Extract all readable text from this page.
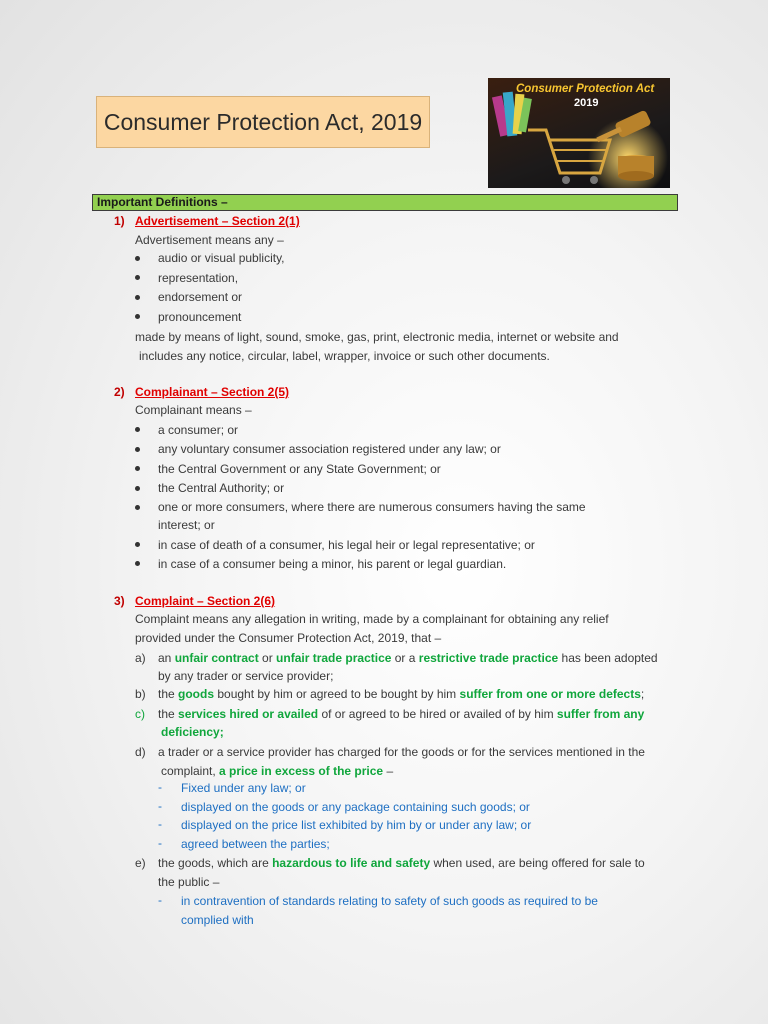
Consumer Protection Act, 2019
Consumer Protection Act
2019
Important Definitions –
1) Advertisement – Section 2(1)
Advertisement means any –
audio or visual publicity,
representation,
endorsement or
pronouncement
made by means of light, sound, smoke, gas, print, electronic media, internet or website and
includes any notice, circular, label, wrapper, invoice or such other documents.
2) Complainant – Section 2(5)
Complainant means –
a consumer; or
any voluntary consumer association registered under any law; or
the Central Government or any State Government; or
the Central Authority; or
one or more consumers, where there are numerous consumers having the same
interest; or
in case of death of a consumer, his legal heir or legal representative; or
in case of a consumer being a minor, his parent or legal guardian.
3) Complaint – Section 2(6)
Complaint means any allegation in writing, made by a complainant for obtaining any relief
provided under the Consumer Protection Act, 2019, that –
a) an unfair contract or unfair trade practice or a restrictive trade practice has been adopted
by any trader or service provider;
b) the goods bought by him or agreed to be bought by him suffer from one or more defects;
c) the services hired or availed of or agreed to be hired or availed of by him suffer from any
deficiency;
d) a trader or a service provider has charged for the goods or for the services mentioned in the
complaint, a price in excess of the price –
- Fixed under any law; or
- displayed on the goods or any package containing such goods; or
- displayed on the price list exhibited by him by or under any law; or
- agreed between the parties;
e) the goods, which are hazardous to life and safety when used, are being offered for sale to
the public –
- in contravention of standards relating to safety of such goods as required to be
complied with
